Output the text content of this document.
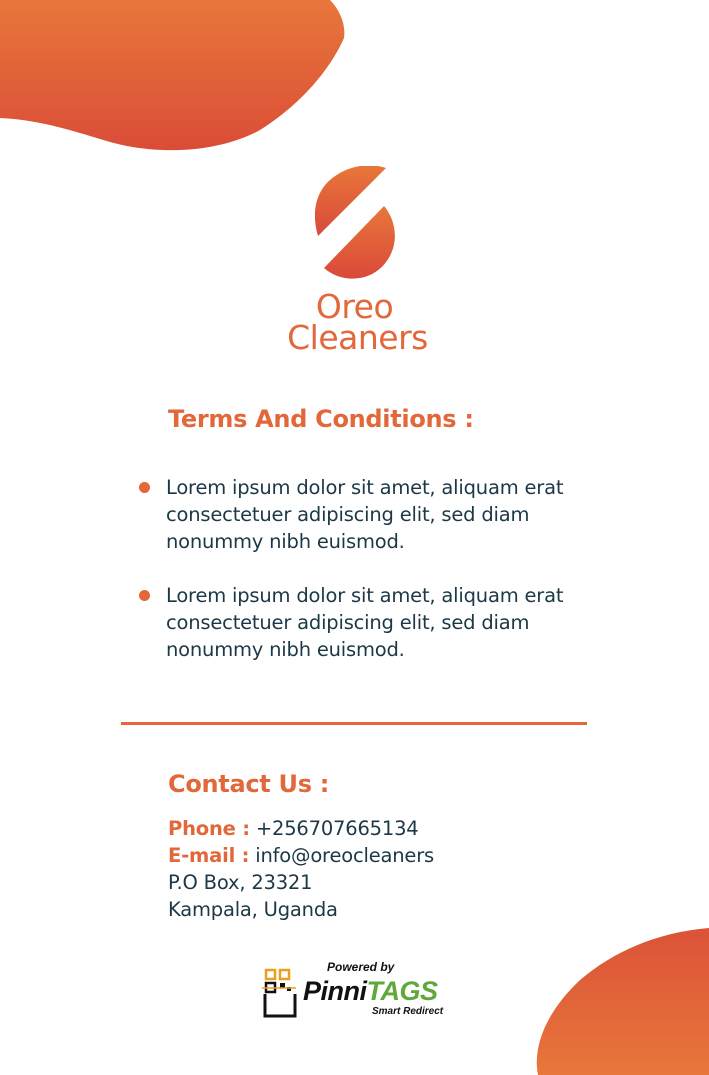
Oreo
Cleaners
Terms And Conditions :
Lorem ipsum dolor sit amet, aliquam erat consectetuer adipiscing elit, sed diam nonummy nibh euismod.
Lorem ipsum dolor sit amet, aliquam erat consectetuer adipiscing elit, sed diam nonummy nibh euismod.
Contact Us :
Phone : +256707665134
E-mail : info@oreocleaners
P.O Box, 23321
Kampala, Uganda
Powered by
PinniTAGS
Smart Redirect
